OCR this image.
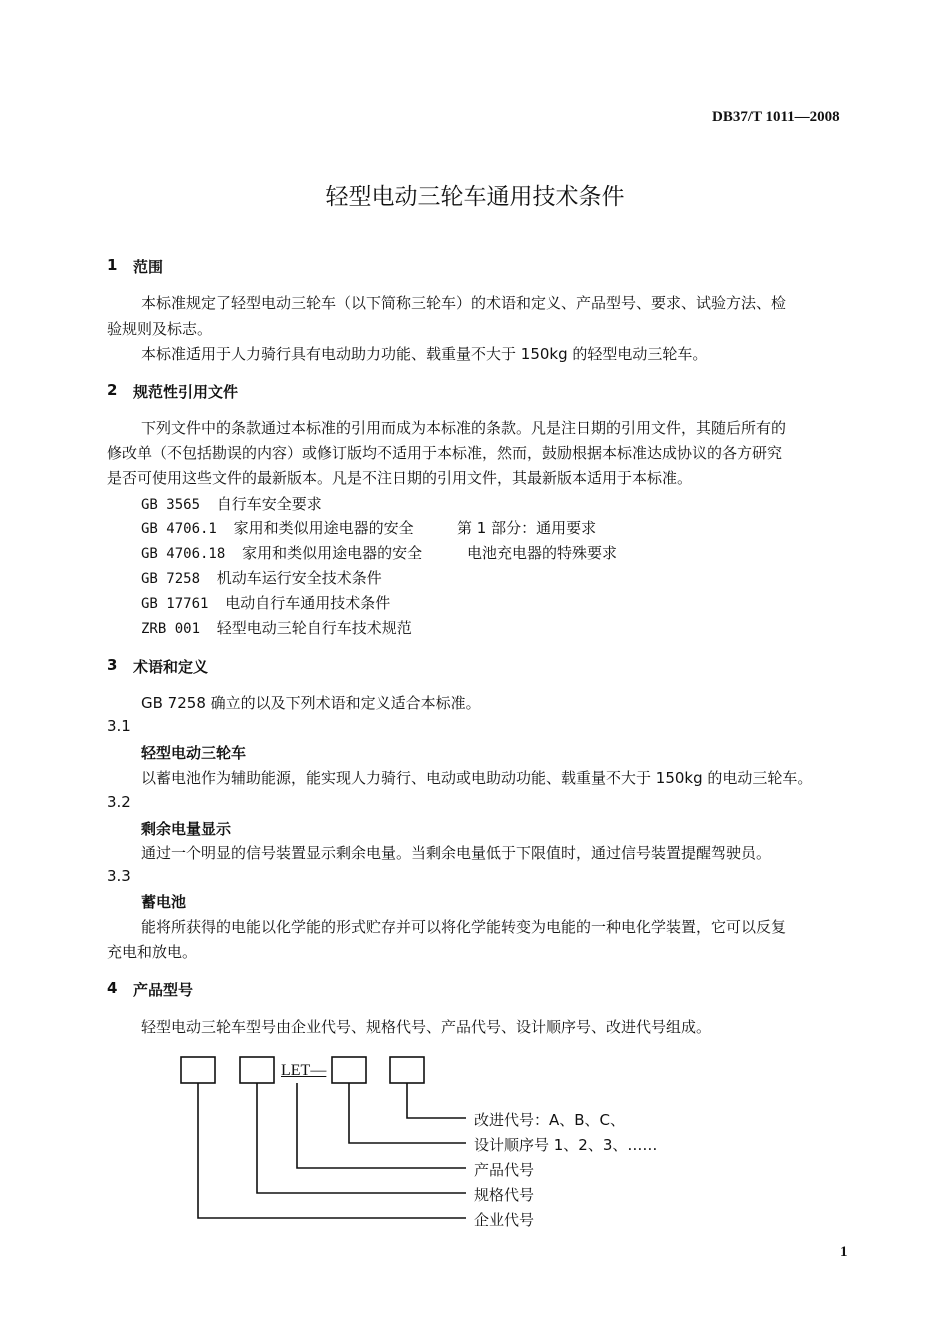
DB37/T 1011—2008
轻型电动三轮车通用技术条件
1 范围
本标准规定了轻型电动三轮车（以下简称三轮车）的术语和定义、产品型号、要求、试验方法、检
验规则及标志。
本标准适用于人力骑行具有电动助力功能、载重量不大于 150kg 的轻型电动三轮车。
2 规范性引用文件
下列文件中的条款通过本标准的引用而成为本标准的条款。凡是注日期的引用文件，其随后所有的
修改单（不包括勘误的内容）或修订版均不适用于本标准，然而，鼓励根据本标准达成协议的各方研究
是否可使用这些文件的最新版本。凡是不注日期的引用文件，其最新版本适用于本标准。
GB 3565 自行车安全要求
GB 4706.1 家用和类似用途电器的安全	第 1 部分：通用要求
GB 4706.18 家用和类似用途电器的安全	电池充电器的特殊要求
GB 7258 机动车运行安全技术条件
GB 17761 电动自行车通用技术条件
ZRB 001 轻型电动三轮自行车技术规范
3 术语和定义
GB 7258 确立的以及下列术语和定义适合本标准。
3.1
轻型电动三轮车
以蓄电池作为辅助能源，能实现人力骑行、电动或电助动功能、载重量不大于 150kg 的电动三轮车。
3.2
剩余电量显示
通过一个明显的信号装置显示剩余电量。当剩余电量低于下限值时，通过信号装置提醒驾驶员。
3.3
蓄电池
能将所获得的电能以化学能的形式贮存并可以将化学能转变为电能的一种电化学装置，它可以反复
充电和放电。
4 产品型号
轻型电动三轮车型号由企业代号、规格代号、产品代号、设计顺序号、改进代号组成。
LET—
改进代号：A、B、C、
设计顺序号 1、2、3、……
产品代号
规格代号
企业代号
1
